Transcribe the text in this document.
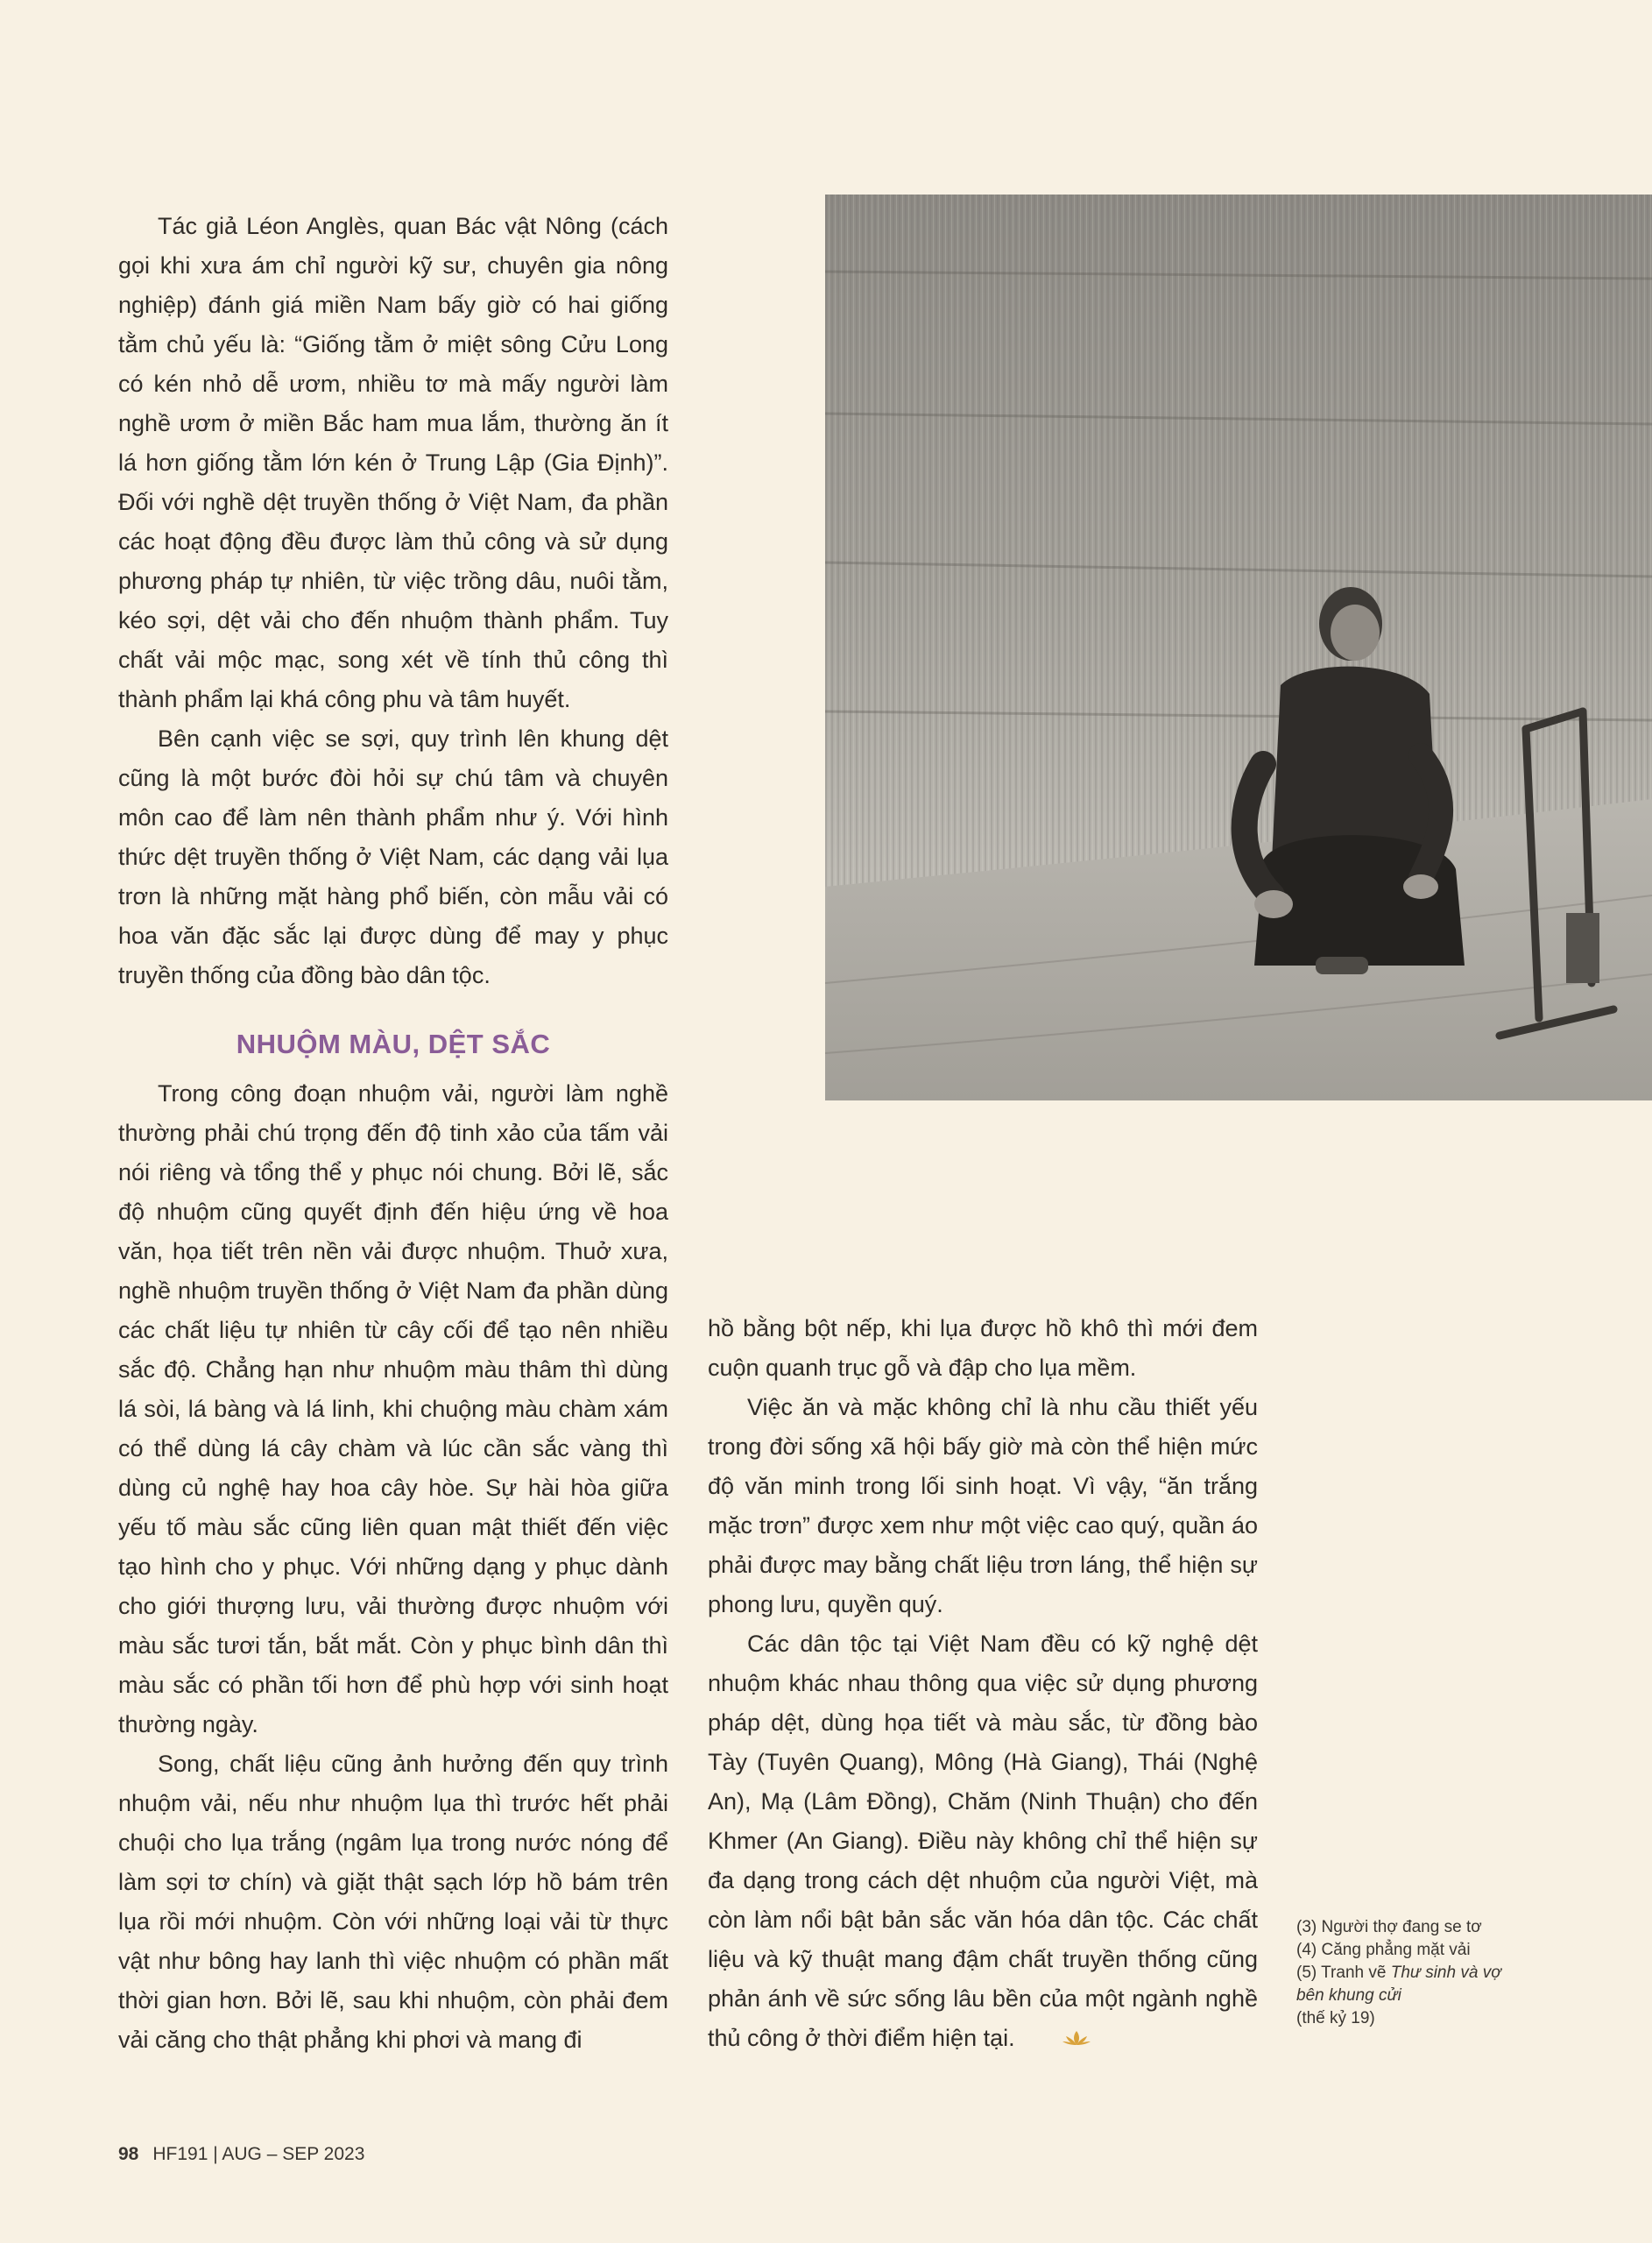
Tác giả Léon Anglès, quan Bác vật Nông (cách gọi khi xưa ám chỉ người kỹ sư, chuyên gia nông nghiệp) đánh giá miền Nam bấy giờ có hai giống tằm chủ yếu là: “Giống tằm ở miệt sông Cửu Long có kén nhỏ dễ ươm, nhiều tơ mà mấy người làm nghề ươm ở miền Bắc ham mua lắm, thường ăn ít lá hơn giống tằm lớn kén ở Trung Lập (Gia Định)”. Đối với nghề dệt truyền thống ở Việt Nam, đa phần các hoạt động đều được làm thủ công và sử dụng phương pháp tự nhiên, từ việc trồng dâu, nuôi tằm, kéo sợi, dệt vải cho đến nhuộm thành phẩm. Tuy chất vải mộc mạc, song xét về tính thủ công thì thành phẩm lại khá công phu và tâm huyết.

Bên cạnh việc se sợi, quy trình lên khung dệt cũng là một bước đòi hỏi sự chú tâm và chuyên môn cao để làm nên thành phẩm như ý. Với hình thức dệt truyền thống ở Việt Nam, các dạng vải lụa trơn là những mặt hàng phổ biến, còn mẫu vải có hoa văn đặc sắc lại được dùng để may y phục truyền thống của đồng bào dân tộc.

NHUỘM MÀU, DỆT SẮC

Trong công đoạn nhuộm vải, người làm nghề thường phải chú trọng đến độ tinh xảo của tấm vải nói riêng và tổng thể y phục nói chung. Bởi lẽ, sắc độ nhuộm cũng quyết định đến hiệu ứng về hoa văn, họa tiết trên nền vải được nhuộm. Thuở xưa, nghề nhuộm truyền thống ở Việt Nam đa phần dùng các chất liệu tự nhiên từ cây cối để tạo nên nhiều sắc độ. Chẳng hạn như nhuộm màu thâm thì dùng lá sòi, lá bàng và lá linh, khi chuộng màu chàm xám có thể dùng lá cây chàm và lúc cần sắc vàng thì dùng củ nghệ hay hoa cây hòe. Sự hài hòa giữa yếu tố màu sắc cũng liên quan mật thiết đến việc tạo hình cho y phục. Với những dạng y phục dành cho giới thượng lưu, vải thường được nhuộm với màu sắc tươi tắn, bắt mắt. Còn y phục bình dân thì màu sắc có phần tối hơn để phù hợp với sinh hoạt thường ngày.

Song, chất liệu cũng ảnh hưởng đến quy trình nhuộm vải, nếu như nhuộm lụa thì trước hết phải chuội cho lụa trắng (ngâm lụa trong nước nóng để làm sợi tơ chín) và giặt thật sạch lớp hồ bám trên lụa rồi mới nhuộm. Còn với những loại vải từ thực vật như bông hay lanh thì việc nhuộm có phần mất thời gian hơn. Bởi lẽ, sau khi nhuộm, còn phải đem vải căng cho thật phẳng khi phơi và mang đi

hồ bằng bột nếp, khi lụa được hồ khô thì mới đem cuộn quanh trục gỗ và đập cho lụa mềm.

Việc ăn và mặc không chỉ là nhu cầu thiết yếu trong đời sống xã hội bấy giờ mà còn thể hiện mức độ văn minh trong lối sinh hoạt. Vì vậy, “ăn trắng mặc trơn” được xem như một việc cao quý, quần áo phải được may bằng chất liệu trơn láng, thể hiện sự phong lưu, quyền quý.

Các dân tộc tại Việt Nam đều có kỹ nghệ dệt nhuộm khác nhau thông qua việc sử dụng phương pháp dệt, dùng họa tiết và màu sắc, từ đồng bào Tày (Tuyên Quang), Mông (Hà Giang), Thái (Nghệ An), Mạ (Lâm Đồng), Chăm (Ninh Thuận) cho đến Khmer (An Giang). Điều này không chỉ thể hiện sự đa dạng trong cách dệt nhuộm của người Việt, mà còn làm nổi bật bản sắc văn hóa dân tộc. Các chất liệu và kỹ thuật mang đậm chất truyền thống cũng phản ánh về sức sống lâu bền của một ngành nghề thủ công ở thời điểm hiện tại.

(3) Người thợ đang se tơ
(4) Căng phẳng mặt vải
(5) Tranh vẽ Thư sinh và vợ bên khung cửi
(thế kỷ 19)
98 HF191 | AUG – SEP 2023
